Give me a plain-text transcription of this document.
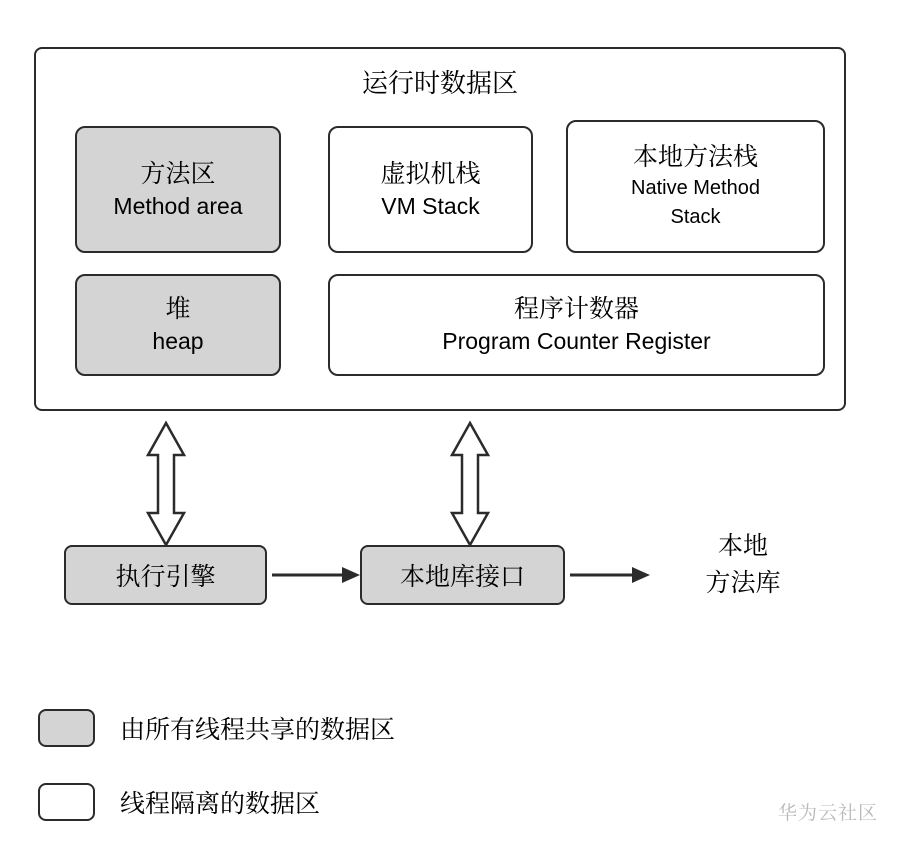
运行时数据区
方法区
Method area
虚拟机栈
VM Stack
本地方法栈
Native Method
Stack
堆
heap
程序计数器
Program Counter Register
执行引擎	本地库接口
本地
方法库
由所有线程共享的数据区
线程隔离的数据区	华为云社区
